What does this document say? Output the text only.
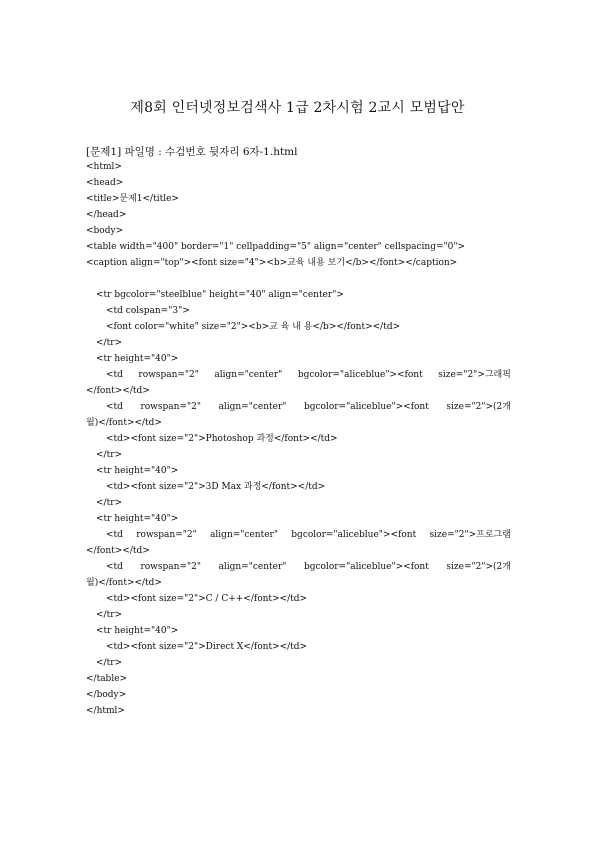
제8회 인터넷정보검색사 1급 2차시험 2교시 모범답안
[문제1] 파일명 : 수검번호 뒷자리 6자-1.html
<html>
<head>
<title>문제1</title>
</head>
<body>
<table width="400" border="1" cellpadding="5" align="center" cellspacing="0">
<caption align="top"><font size="4"><b>교육 내용 보기</b></font></caption>
<tr bgcolor="steelblue" height="40" align="center">
<td colspan="3">
<font color="white" size="2"><b>교 육 내 용</b></font></td>
</tr>
<tr height="40">
<td rowspan="2" align="center" bgcolor="aliceblue"><font size="2">그래픽
</font></td>
<td rowspan="2" align="center" bgcolor="aliceblue"><font size="2">(2개
월)</font></td>
<td><font size="2">Photoshop 과정</font></td>
</tr>
<tr height="40">
<td><font size="2">3D Max 과정</font></td>
</tr>
<tr height="40">
<td rowspan="2" align="center" bgcolor="aliceblue"><font size="2">프로그램
</font></td>
<td rowspan="2" align="center" bgcolor="aliceblue"><font size="2">(2개
월)</font></td>
<td><font size="2">C / C++</font></td>
</tr>
<tr height="40">
<td><font size="2">Direct X</font></td>
</tr>
</table>
</body>
</html>
